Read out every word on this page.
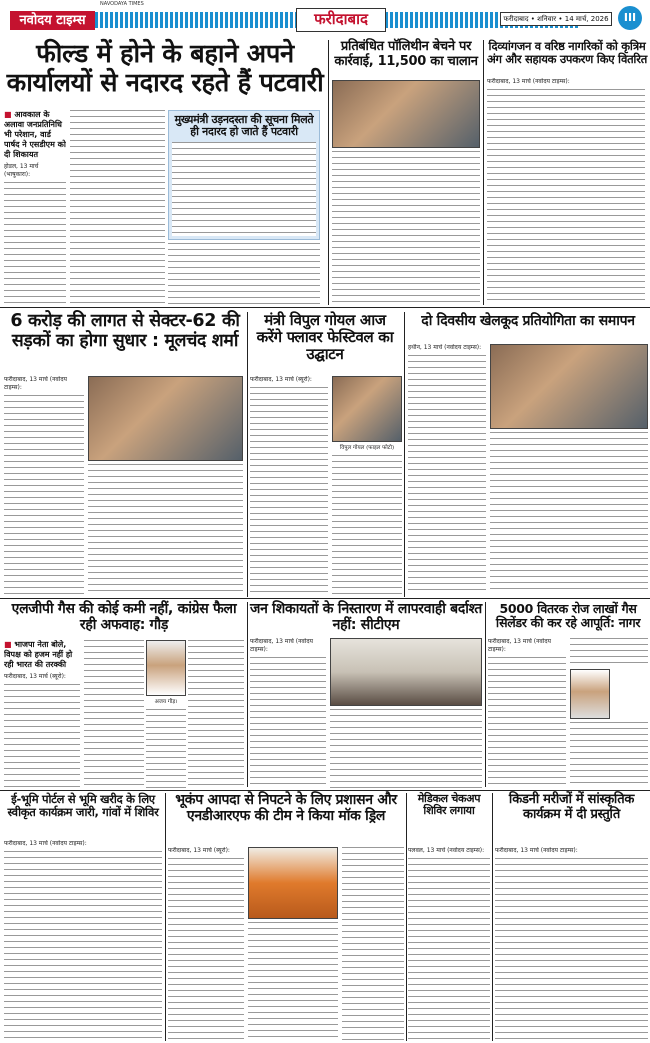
नवोदय टाइम्स
NAVODAYA TIMES
फरीदाबाद	फरीदाबाद • शनिवार • 14 मार्च, 2026	III
फील्ड में होने के बहाने अपने कार्यालयों से नदारद रहते हैं पटवारी
■ आवकाल के अलावा जनप्रतिनिधि भी परेशान, वार्ड पार्षद ने एसडीएम को दी शिकायत
होडल, 13 मार्च (भाषुकारा):
मुख्यमंत्री उड़नदस्ता की सूचना मिलते ही नदारद हो जाते हैं पटवारी
प्रतिबंधित पॉलिथीन बेचने पर कार्रवाई, 11,500 का चालान
दिव्यांगजन व वरिष्ठ नागरिकों को कृत्रिम अंग और सहायक उपकरण किए वितरित
फरीदाबाद, 13 मार्च (नवोदय टाइम्स):
6 करोड़ की लागत से सेक्टर-62 की सड़कों का होगा सुधार : मूलचंद शर्मा
फरीदाबाद, 13 मार्च (नवोदय टाइम्स):
मंत्री विपुल गोयल आज करेंगे फ्लावर फेस्टिवल का उद्घाटन
फरीदाबाद, 13 मार्च (ब्यूरो):
विपुल गोयल (फाइल फोटो)
दो दिवसीय खेलकूद प्रतियोगिता का समापन
हथीन, 13 मार्च (नवोदय टाइम्स):
एलजीपी गैस की कोई कमी नहीं, कांग्रेस फैला रही अफवाह: गौड़
■ भाजपा नेता बोले, विपक्ष को हजम नहीं हो रही भारत की तरक्की
फरीदाबाद, 13 मार्च (ब्यूरो):
अजय गौड़।
जन शिकायतों के निस्तारण में लापरवाही बर्दाश्त नहीं: सीटीएम
फरीदाबाद, 13 मार्च (नवोदय टाइम्स):
5000 वितरक रोज लाखों गैस सिलेंडर की कर रहे आपूर्ति: नागर
फरीदाबाद, 13 मार्च (नवोदय टाइम्स):
ई-भूमि पोर्टल से भूमि खरीद के लिए स्वीकृत कार्यक्रम जारी, गांवों में शिविर
फरीदाबाद, 13 मार्च (नवोदय टाइम्स):
भूकंप आपदा से निपटने के लिए प्रशासन और एनडीआरएफ की टीम ने किया मॉक ड्रिल
फरीदाबाद, 13 मार्च (ब्यूरो):
मेडिकल चेकअप शिविर लगाया
पलवल, 13 मार्च (नवोदय टाइम्स):
किडनी मरीजों में सांस्कृतिक कार्यक्रम में दी प्रस्तुति
फरीदाबाद, 13 मार्च (नवोदय टाइम्स):
